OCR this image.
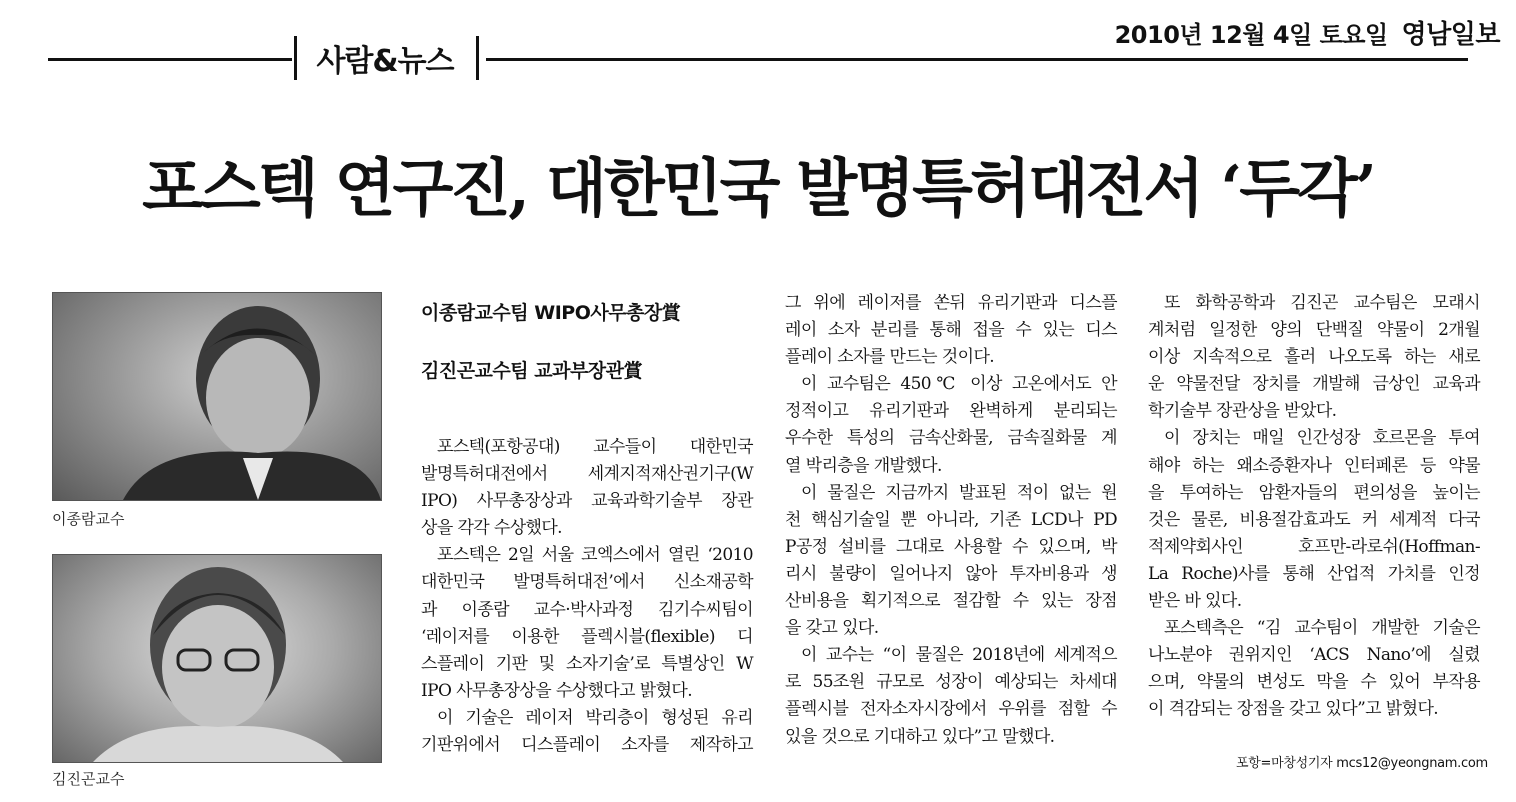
2010년 12월 4일 토요일 영남일보
사람&뉴스
포스텍 연구진, 대한민국 발명특허대전서 ‘두각’
이종람교수
김진곤교수
이종람교수팀 WIPO사무총장賞
김진곤교수팀 교과부장관賞
포스텍(포항공대) 교수들이 대한민국
발명특허대전에서 세계지적재산권기구(W
IPO) 사무총장상과 교육과학기술부 장관
상을 각각 수상했다.
포스텍은 2일 서울 코엑스에서 열린 ‘2010
대한민국 발명특허대전’에서 신소재공학
과 이종람 교수·박사과정 김기수씨팀이
‘레이저를 이용한 플렉시블(flexible) 디
스플레이 기판 및 소자기술’로 특별상인 W
IPO 사무총장상을 수상했다고 밝혔다.
이 기술은 레이저 박리층이 형성된 유리
기판위에서 디스플레이 소자를 제작하고
그 위에 레이저를 쏜뒤 유리기판과 디스플
레이 소자 분리를 통해 접을 수 있는 디스
플레이 소자를 만드는 것이다.
이 교수팀은 450℃ 이상 고온에서도 안
정적이고 유리기판과 완벽하게 분리되는
우수한 특성의 금속산화물, 금속질화물 계
열 박리층을 개발했다.
이 물질은 지금까지 발표된 적이 없는 원
천 핵심기술일 뿐 아니라, 기존 LCD나 PD
P공정 설비를 그대로 사용할 수 있으며, 박
리시 불량이 일어나지 않아 투자비용과 생
산비용을 획기적으로 절감할 수 있는 장점
을 갖고 있다.
이 교수는 “이 물질은 2018년에 세계적으
로 55조원 규모로 성장이 예상되는 차세대
플렉시블 전자소자시장에서 우위를 점할 수
있을 것으로 기대하고 있다”고 말했다.
또 화학공학과 김진곤 교수팀은 모래시
계처럼 일정한 양의 단백질 약물이 2개월
이상 지속적으로 흘러 나오도록 하는 새로
운 약물전달 장치를 개발해 금상인 교육과
학기술부 장관상을 받았다.
이 장치는 매일 인간성장 호르몬을 투여
해야 하는 왜소증환자나 인터페론 등 약물
을 투여하는 암환자들의 편의성을 높이는
것은 물론, 비용절감효과도 커 세계적 다국
적제약회사인 호프만-라로쉬(Hoffman-
La Roche)사를 통해 산업적 가치를 인정
받은 바 있다.
포스텍측은 “김 교수팀이 개발한 기술은
나노분야 권위지인 ‘ACS Nano’에 실렸
으며, 약물의 변성도 막을 수 있어 부작용
이 격감되는 장점을 갖고 있다”고 밝혔다.
포항=마창성기자 mcs12@yeongnam.com
